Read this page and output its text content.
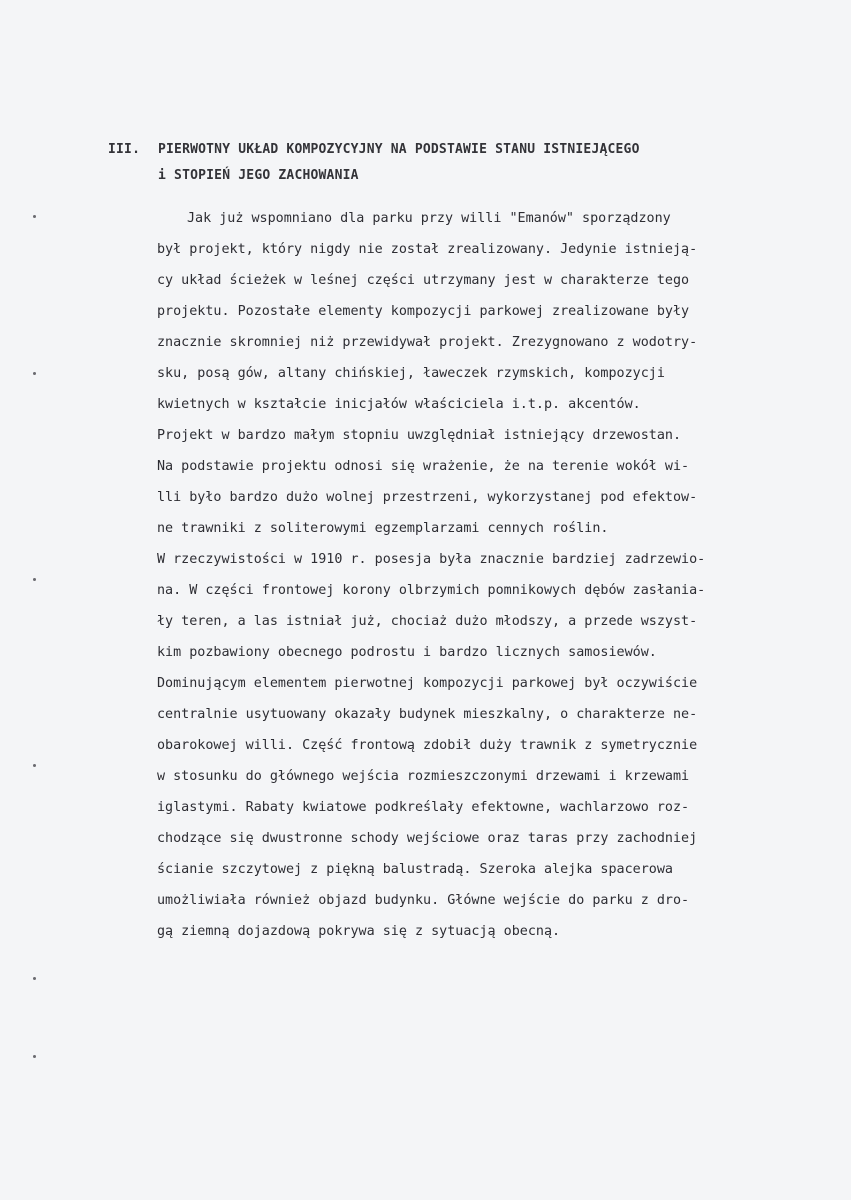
III. PIERWOTNY UKŁAD KOMPOZYCYJNY NA PODSTAWIE STANU ISTNIEJĄCEGO
i STOPIEŃ JEGO ZACHOWANIA
Jak już wspomniano dla parku przy willi "Emanów" sporządzony
był projekt, który nigdy nie został zrealizowany. Jedynie istnieją-
cy układ ścieżek w leśnej części utrzymany jest w charakterze tego
projektu. Pozostałe elementy kompozycji parkowej zrealizowane były
znacznie skromniej niż przewidywał projekt. Zrezygnowano z wodotry-
sku, posą gów, altany chińskiej, ławeczek rzymskich, kompozycji
kwietnych w kształcie inicjałów właściciela i.t.p. akcentów.
Projekt w bardzo małym stopniu uwzględniał istniejący drzewostan.
Na podstawie projektu odnosi się wrażenie, że na terenie wokół wi-
lli było bardzo dużo wolnej przestrzeni, wykorzystanej pod efektow-
ne trawniki z soliterowymi egzemplarzami cennych roślin.
W rzeczywistości w 1910 r. posesja była znacznie bardziej zadrzewio-
na. W części frontowej korony olbrzymich pomnikowych dębów zasłania-
ły teren, a las istniał już, chociaż dużo młodszy, a przede wszyst-
kim pozbawiony obecnego podrostu i bardzo licznych samosiewów.
Dominującym elementem pierwotnej kompozycji parkowej był oczywiście
centralnie usytuowany okazały budynek mieszkalny, o charakterze ne-
obarokowej willi. Część frontową zdobił duży trawnik z symetrycznie
w stosunku do głównego wejścia rozmieszczonymi drzewami i krzewami
iglastymi. Rabaty kwiatowe podkreślały efektowne, wachlarzowo roz-
chodzące się dwustronne schody wejściowe oraz taras przy zachodniej
ścianie szczytowej z piękną balustradą. Szeroka alejka spacerowa
umożliwiała również objazd budynku. Główne wejście do parku z dro-
gą ziemną dojazdową pokrywa się z sytuacją obecną.
